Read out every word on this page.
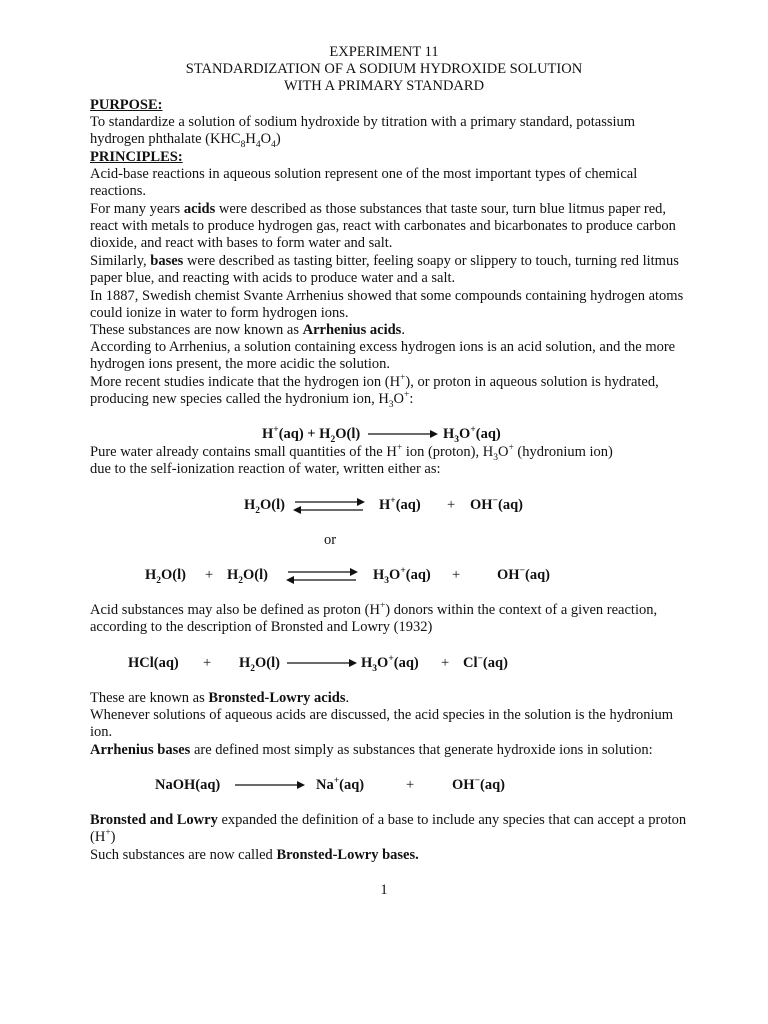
EXPERIMENT 11
STANDARDIZATION OF A SODIUM HYDROXIDE SOLUTION
WITH A PRIMARY STANDARD
PURPOSE:

To standardize a solution of sodium hydroxide by titration with a primary standard, potassium hydrogen phthalate $(KHC_8H_4O_4)$

PRINCIPLES:

Acid-base reactions in aqueous solution represent one of the most important types of chemical reactions.

For many years acids were described as those substances that taste sour, turn blue litmus paper red, react with metals to produce hydrogen gas, react with carbonates and bicarbonates to produce carbon dioxide, and react with bases to form water and salt.

Similarly, bases were described as tasting bitter, feeling soapy or slippery to touch, turning red litmus paper blue, and reacting with acids to produce water and a salt.

In 1887, Swedish chemist Svante Arrhenius showed that some compounds containing hydrogen atoms could ionize in water to form hydrogen ions.

These substances are now known as Arrhenius acids.

According to Arrhenius, a solution containing excess hydrogen ions is an acid solution, and the more hydrogen ions present, the more acidic the solution.

More recent studies indicate that the hydrogen ion (H+), or proton in aqueous solution is hydrated, producing new species called the hydronium ion, $H_3O^+$:

$H^+(aq) + H_2O(l)$	$H_3O^+(aq)$

Pure water already contains small quantities of the H+ ion (proton), $H_3O^+$ (hydronium ion)

due to the self-ionization reaction of water, written either as:

$H_2O(l)$	H+(aq) + OH−(aq)
or
$H_2O(l) + H_2O(l)$	$H_3O^+(aq)$ +	OH−(aq)

Acid substances may also be defined as proton (H+) donors within the context of a given reaction, according to the description of Bronsted and Lowry (1932)

$HCl(aq) + H_2O(l)$	$H_3O^+(aq) + Cl^-(aq)$

These are known as Bronsted-Lowry acids.

Whenever solutions of aqueous acids are discussed, the acid species in the solution is the hydronium ion.

Arrhenius bases are defined most simply as substances that generate hydroxide ions in solution:

NaOH(aq)	Na+(aq)	+	OH−(aq)

Bronsted and Lowry expanded the definition of a base to include any species that can accept a proton (H+)

Such substances are now called Bronsted-Lowry bases.

1
